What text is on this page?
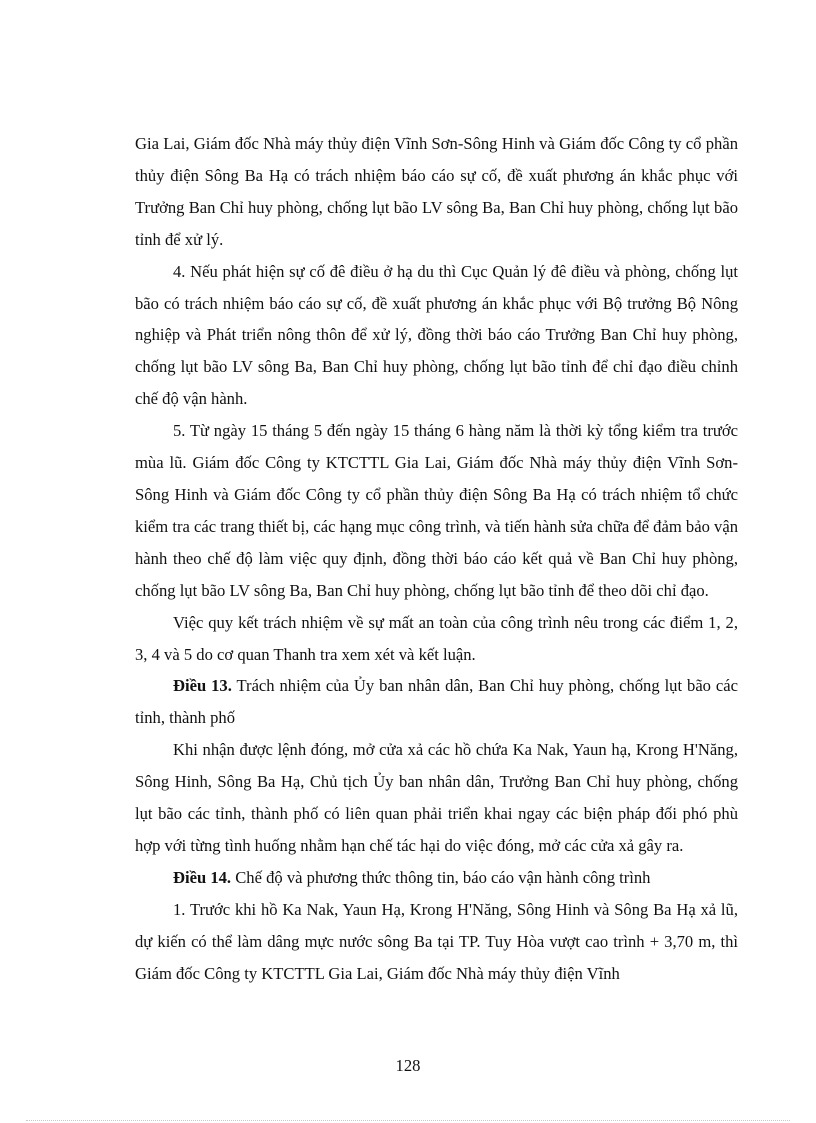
Gia Lai, Giám đốc Nhà máy thủy điện Vĩnh Sơn-Sông Hinh và Giám đốc Công ty cổ phần thủy điện Sông Ba Hạ có trách nhiệm báo cáo sự cố, đề xuất phương án khắc phục với Trưởng Ban Chỉ huy phòng, chống lụt bão LV sông Ba, Ban Chỉ huy phòng, chống lụt bão tỉnh để xử lý.

4. Nếu phát hiện sự cố đê điều ở hạ du thì Cục Quản lý đê điều và phòng, chống lụt bão có trách nhiệm báo cáo sự cố, đề xuất phương án khắc phục với Bộ trưởng Bộ Nông nghiệp và Phát triển nông thôn để xử lý, đồng thời báo cáo Trưởng Ban Chỉ huy phòng, chống lụt bão LV sông Ba, Ban Chỉ huy phòng, chống lụt bão tỉnh để chỉ đạo điều chỉnh chế độ vận hành.

5. Từ ngày 15 tháng 5 đến ngày 15 tháng 6 hàng năm là thời kỳ tổng kiểm tra trước mùa lũ. Giám đốc Công ty KTCTTL Gia Lai, Giám đốc Nhà máy thủy điện Vĩnh Sơn-Sông Hinh và Giám đốc Công ty cổ phần thủy điện Sông Ba Hạ có trách nhiệm tổ chức kiểm tra các trang thiết bị, các hạng mục công trình, và tiến hành sửa chữa để đảm bảo vận hành theo chế độ làm việc quy định, đồng thời báo cáo kết quả về Ban Chỉ huy phòng, chống lụt bão LV sông Ba, Ban Chỉ huy phòng, chống lụt bão tỉnh để theo dõi chỉ đạo.

Việc quy kết trách nhiệm về sự mất an toàn của công trình nêu trong các điểm 1, 2, 3, 4 và 5 do cơ quan Thanh tra xem xét và kết luận.

Điều 13. Trách nhiệm của Ủy ban nhân dân, Ban Chỉ huy phòng, chống lụt bão các tỉnh, thành phố

Khi nhận được lệnh đóng, mở cửa xả các hồ chứa Ka Nak, Yaun hạ, Krong H'Năng, Sông Hinh, Sông Ba Hạ, Chủ tịch Ủy ban nhân dân, Trưởng Ban Chỉ huy phòng, chống lụt bão các tỉnh, thành phố có liên quan phải triển khai ngay các biện pháp đối phó phù hợp với từng tình huống nhằm hạn chế tác hại do việc đóng, mở các cửa xả gây ra.

Điều 14. Chế độ và phương thức thông tin, báo cáo vận hành công trình

1. Trước khi hồ Ka Nak, Yaun Hạ, Krong H'Năng, Sông Hinh và Sông Ba Hạ xả lũ, dự kiến có thể làm dâng mực nước sông Ba tại TP. Tuy Hòa vượt cao trình + 3,70 m, thì Giám đốc Công ty KTCTTL Gia Lai, Giám đốc Nhà máy thủy điện Vĩnh

128
